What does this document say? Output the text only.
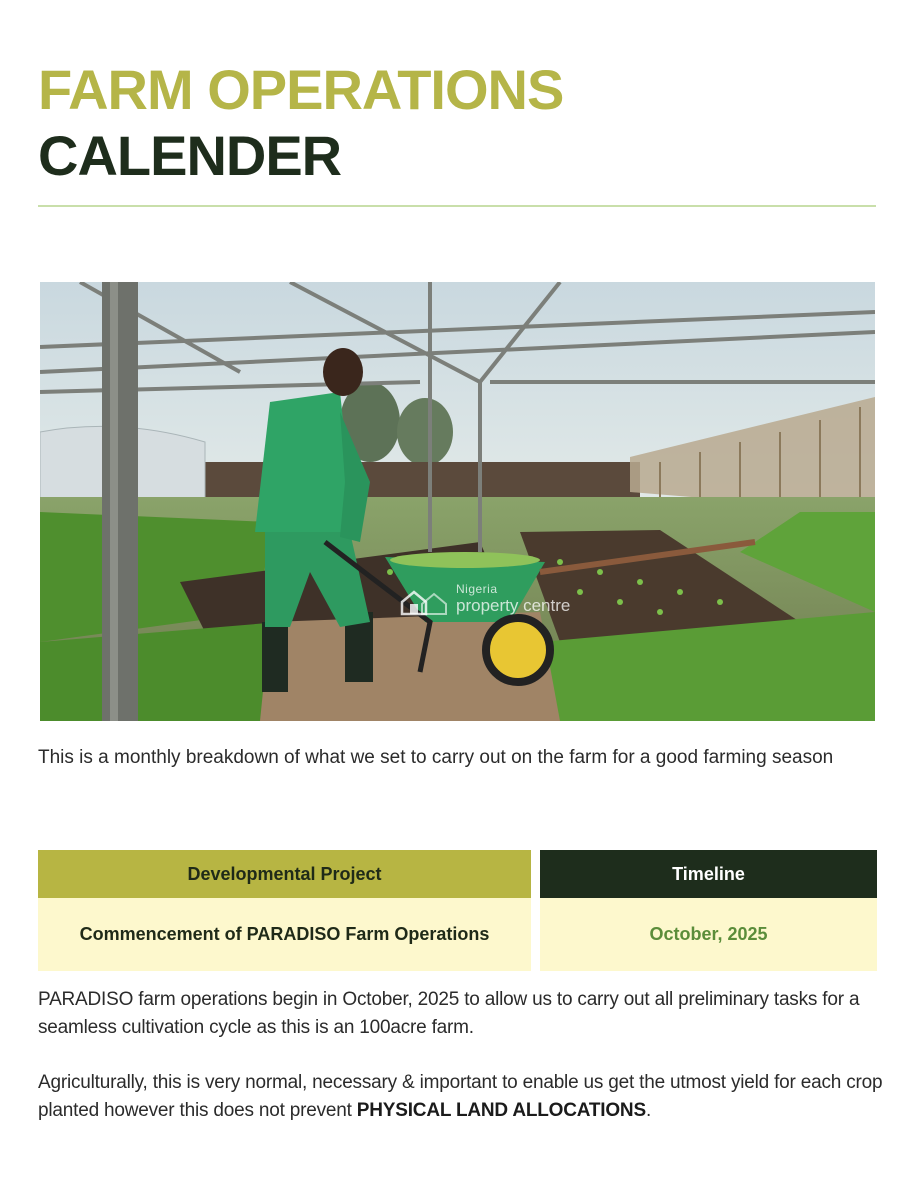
FARM OPERATIONS
CALENDER
Nigeria
property centre

This is a monthly breakdown of what we set to carry out on the farm for a good farming season

Developmental Project	Timeline
Commencement of PARADISO Farm Operations	October, 2025

PARADISO farm operations begin in October, 2025 to allow us to carry out all preliminary tasks for a seamless cultivation cycle as this is an 100acre farm.

Agriculturally, this is very normal, necessary & important to enable us get the utmost yield for each crop planted however this does not prevent PHYSICAL LAND ALLOCATIONS.
